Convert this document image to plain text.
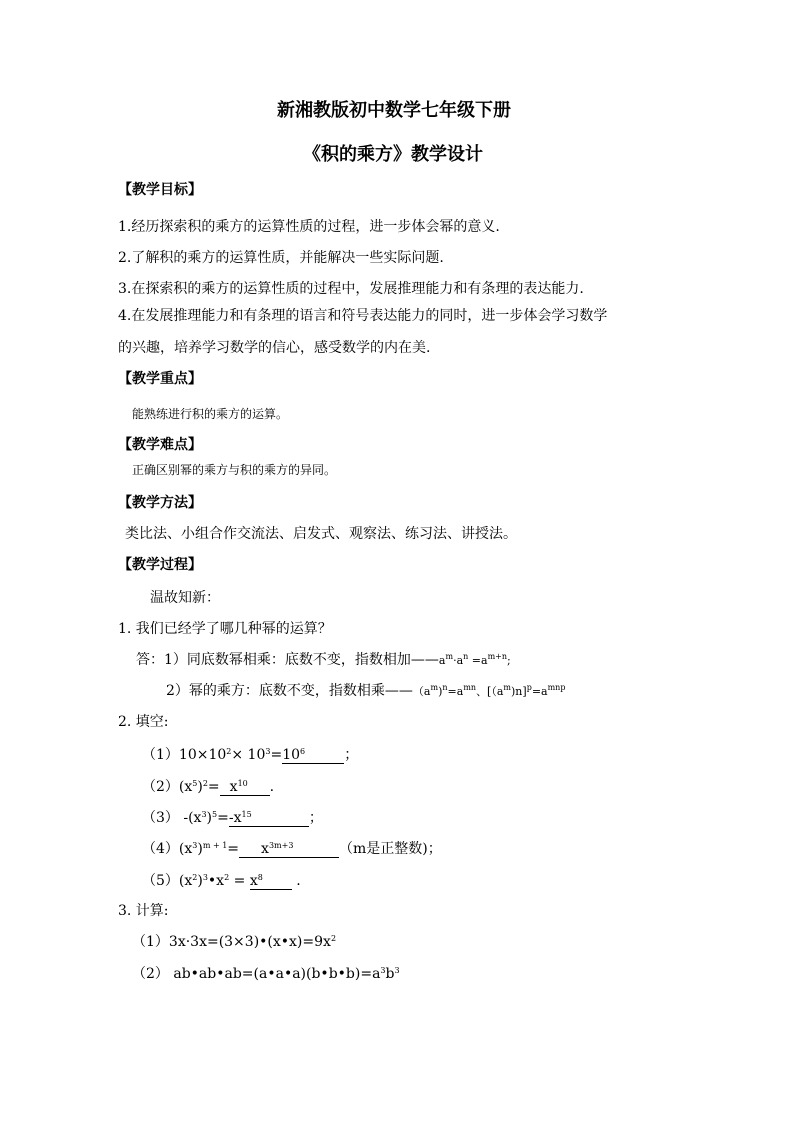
新湘教版初中数学七年级下册
《积的乘方》教学设计
【教学目标】
1.经历探索积的乘方的运算性质的过程，进一步体会幂的意义.
2.了解积的乘方的运算性质，并能解决一些实际问题.
3.在探索积的乘方的运算性质的过程中，发展推理能力和有条理的表达能力.
4.在发展推理能力和有条理的语言和符号表达能力的同时，进一步体会学习数学
的兴趣，培养学习数学的信心，感受数学的内在美.
【教学重点】
能熟练进行积的乘方的运算。
【教学难点】
正确区别幂的乘方与积的乘方的异同。
【教学方法】
类比法、小组合作交流法、启发式、观察法、练习法、讲授法。
【教学过程】
温故知新：
1. 我们已经学了哪几种幂的运算？
答：1）同底数幂相乘：底数不变，指数相加$——a^m\cdot a^n =a^{m+n}$;
2）幂的乘方：底数不变，指数相乘$——(a^m)^n=a^{mn}$、$[(a^m)n]^p=a^{mnp}$
2. 填空:
$(1)10\times 10^2\times 10^3=10^6$	；
$(2)(x^5)^2= x^{10}$ .
（3） $-(x^3)^5=-x^{15}$	；
$(4)(x^3)^{m + 1}= x^{3m+3}$	（m是正整数)；
$(5)(x^2)^3•x^2 = x^8$ .
3. 计算:
$(1)3x\cdot 3x=(3\times 3)•(x•x)=9x^2$
（2） $ab•ab•ab=(a•a•a)(b•b•b)=a^3b^3$
